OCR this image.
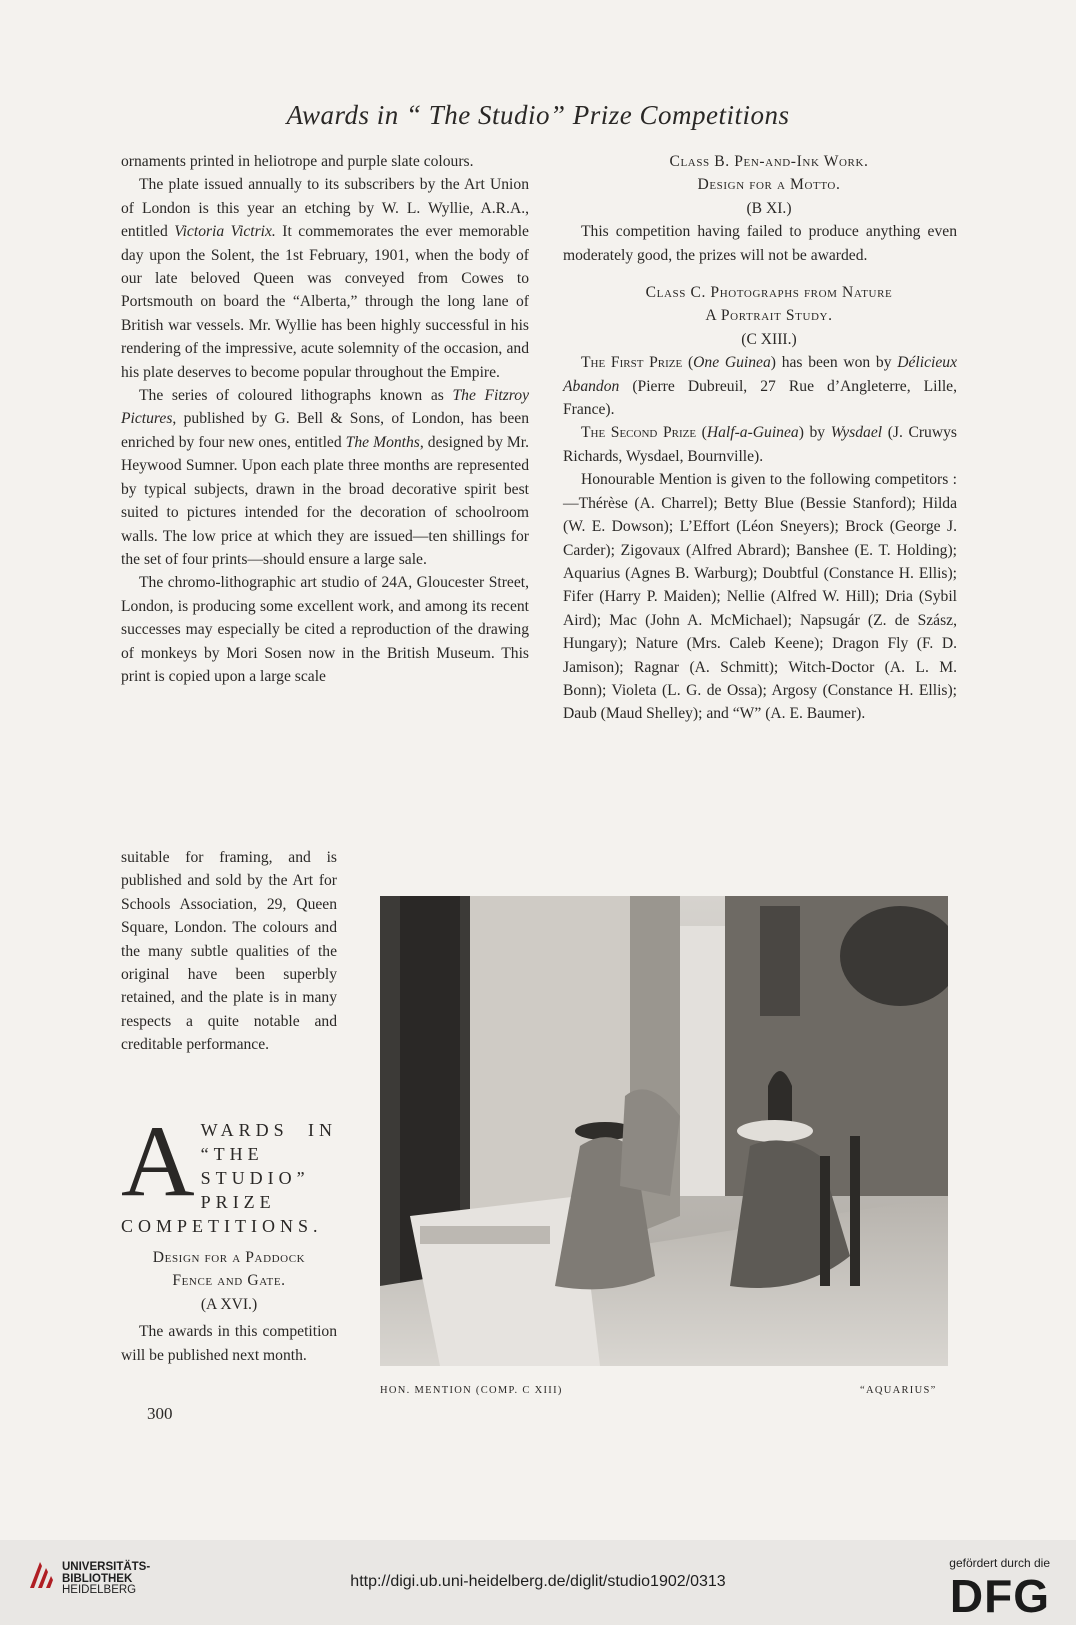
Awards in “ The Studio” Prize Competitions

ornaments printed in heliotrope and purple slate colours.

The plate issued annually to its subscribers by the Art Union of London is this year an etching by W. L. Wyllie, A.R.A., entitled Victoria Victrix. It commemorates the ever memorable day upon the Solent, the 1st February, 1901, when the body of our late beloved Queen was conveyed from Cowes to Portsmouth on board the “Alberta,” through the long lane of British war vessels. Mr. Wyllie has been highly successful in his rendering of the impressive, acute solemnity of the occasion, and his plate deserves to become popular throughout the Empire.

The series of coloured lithographs known as The Fitzroy Pictures, published by G. Bell & Sons, of London, has been enriched by four new ones, entitled The Months, designed by Mr. Heywood Sumner. Upon each plate three months are represented by typical subjects, drawn in the broad decorative spirit best suited to pictures intended for the decoration of schoolroom walls. The low price at which they are issued—ten shillings for the set of four prints—should ensure a large sale.

The chromo-lithographic art studio of 24A, Gloucester Street, London, is producing some excellent work, and among its recent successes may especially be cited a reproduction of the drawing of monkeys by Mori Sosen now in the British Museum. This print is copied upon a large scale

suitable for framing, and is published and sold by the Art for Schools Association, 29, Queen Square, London. The colours and the many subtle qualities of the original have been superbly retained, and the plate is in many respects a quite notable and creditable performance.
A WARDS IN “THE STUDIO” PRIZE COMPETITIONS.

Design for a Paddock

Fence and Gate.

(A XVI.)

The awards in this competition will be published next month.

300

Class B. Pen-and-Ink Work.

Design for a Motto.

(B XI.)

This competition having failed to produce anything even moderately good, the prizes will not be awarded.

Class C. Photographs from Nature

A Portrait Study.

(C XIII.)

The First Prize (One Guinea) has been won by Délicieux Abandon (Pierre Dubreuil, 27 Rue d’Angleterre, Lille, France).

The Second Prize (Half-a-Guinea) by Wysdael (J. Cruwys Richards, Wysdael, Bournville).

Honourable Mention is given to the following competitors :—Thérèse (A. Charrel); Betty Blue (Bessie Stanford); Hilda (W. E. Dowson); L’Effort (Léon Sneyers); Brock (George J. Carder); Zigovaux (Alfred Abrard); Banshee (E. T. Holding); Aquarius (Agnes B. Warburg); Doubtful (Constance H. Ellis); Fifer (Harry P. Maiden); Nellie (Alfred W. Hill); Dria (Sybil Aird); Mac (John A. McMichael); Napsugár (Z. de Szász, Hungary); Nature (Mrs. Caleb Keene); Dragon Fly (F. D. Jamison); Ragnar (A. Schmitt); Witch-Doctor (A. L. M. Bonn); Violeta (L. G. de Ossa); Argosy (Constance H. Ellis); Daub (Maud Shelley); and “W” (A. E. Baumer).

HON. MENTION (COMP. C XIII)	“AQUARIUS”
UNIVERSITÄTS-
BIBLIOTHEK
HEIDELBERG	http://digi.ub.uni-heidelberg.de/diglit/studio1902/0313
gefördert durch die
DFG
